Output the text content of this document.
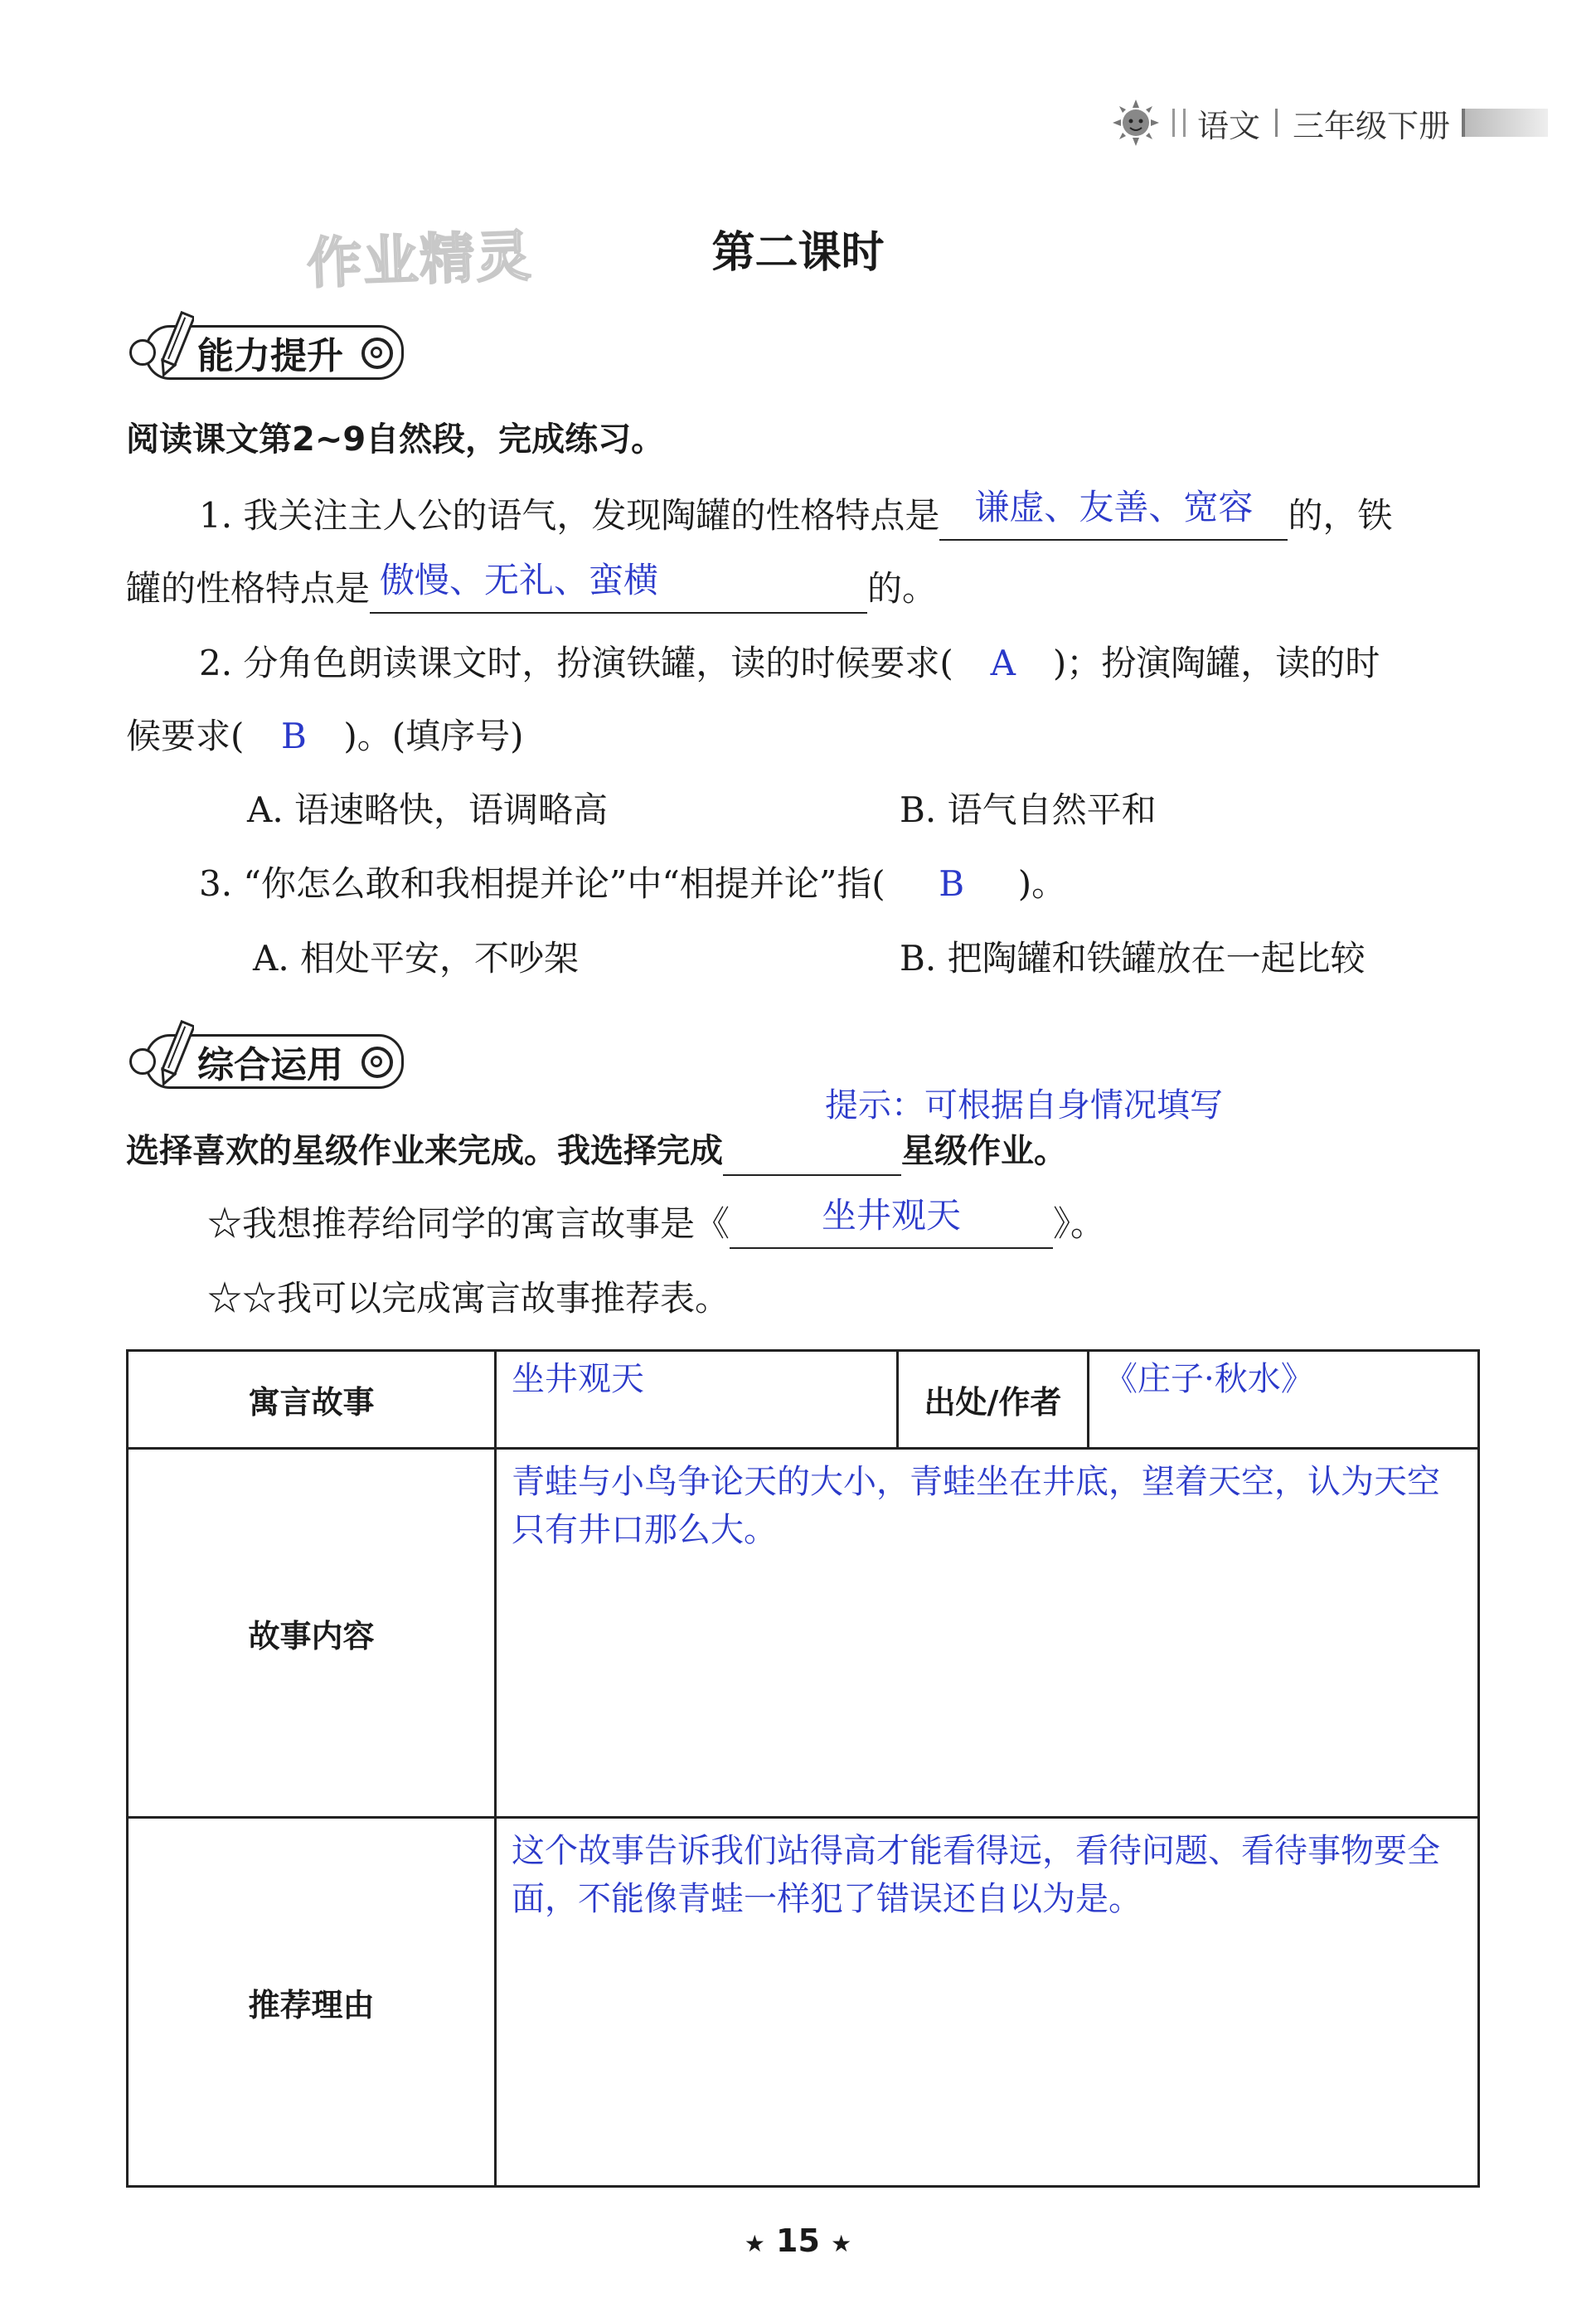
语文 三年级下册
作业精灵	第二课时
能力提升
阅读课文第2~9自然段，完成练习。
1. 我关注主人公的语气，发现陶罐的性格特点是 谦虚、友善、宽容 的，铁
罐的性格特点是 傲慢、无礼、蛮横	的。
2. 分角色朗读课文时，扮演铁罐，读的时候要求( A )；扮演陶罐，读的时
候要求( B )。(填序号)
A. 语速略快，语调略高	B. 语气自然平和
3. “你怎么敢和我相提并论”中“相提并论”指( B )。
A. 相处平安，不吵架	B. 把陶罐和铁罐放在一起比较
综合运用
提示：可根据自身情况填写
选择喜欢的星级作业来完成。我选择完成	星级作业。
☆我想推荐给同学的寓言故事是《	坐井观天	》。
☆☆我可以完成寓言故事推荐表。
寓言故事	坐井观天	出处/作者	《庄子·秋水》
故事内容	青蛙与小鸟争论天的大小，青蛙坐在井底，望着天空，认为天空只有井口那么大。		
推荐理由	这个故事告诉我们站得高才能看得远，看待问题、看待事物要全面，不能像青蛙一样犯了错误还自以为是。		
★ 15 ★
